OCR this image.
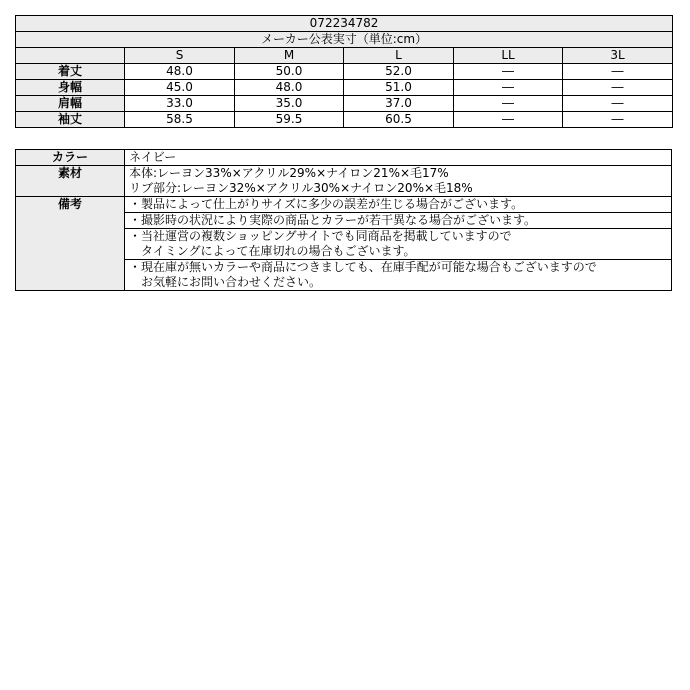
072234782					
メーカー公表実寸（単位:cm）					
	S	M	L	LL	3L
着丈	48.0	50.0	52.0	―	―
身幅	45.0	48.0	51.0	―	―
肩幅	33.0	35.0	37.0	―	―
袖丈	58.5	59.5	60.5	―	―
カラー	ネイビー
素材	本体:レーヨン33%×アクリル29%×ナイロン21%×毛17%
リブ部分:レーヨン32%×アクリル30%×ナイロン20%×毛18%

備考	・製品によって仕上がりサイズに多少の誤差が生じる場合がございます。

	・撮影時の状況により実際の商品とカラーが若干異なる場合がございます。

	・当社運営の複数ショッピングサイトでも同商品を掲載していますので
　タイミングによって在庫切れの場合もございます。

	・現在庫が無いカラーや商品につきましても、在庫手配が可能な場合もございますので
　お気軽にお問い合わせください。
